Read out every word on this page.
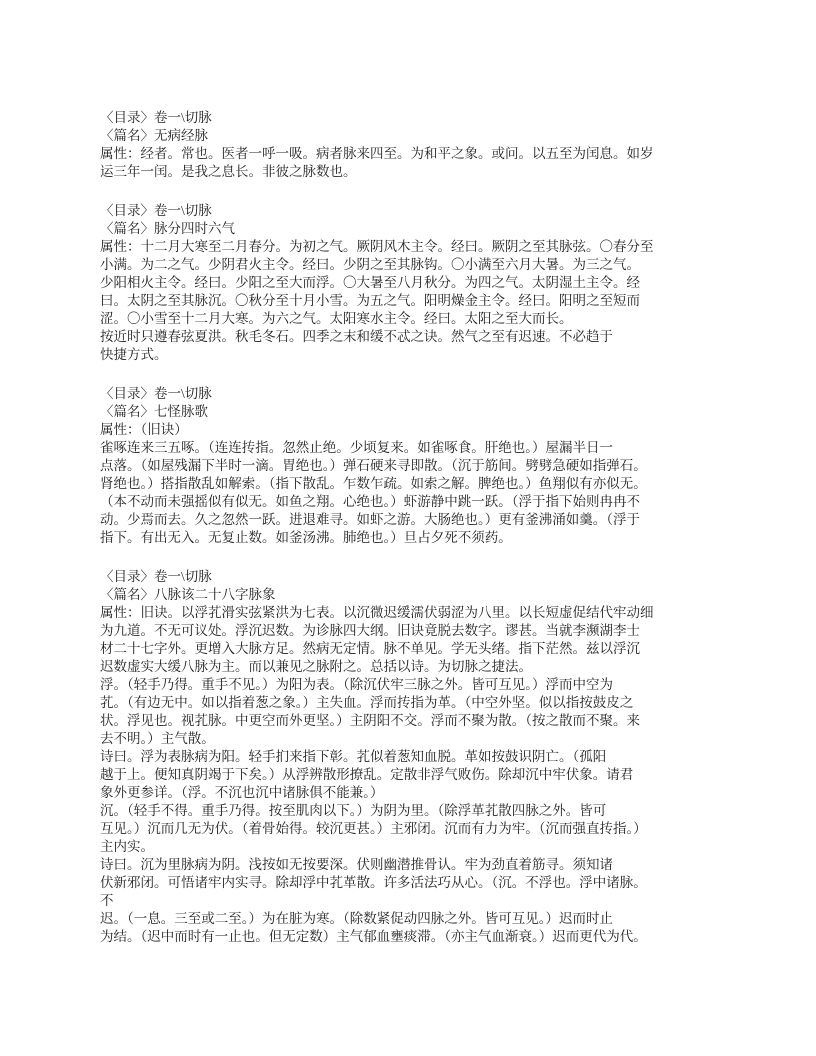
〈目录〉卷一\切脉
〈篇名〉无病经脉
属性：经者。常也。医者一呼一吸。病者脉来四至。为和平之象。或问。以五至为闰息。如岁
运三年一闰。是我之息长。非彼之脉数也。
〈目录〉卷一\切脉
〈篇名〉脉分四时六气
属性：十二月大寒至二月春分。为初之气。厥阴风木主令。经曰。厥阴之至其脉弦。〇春分至
小满。为二之气。少阴君火主令。经曰。少阴之至其脉钩。〇小满至六月大暑。为三之气。
少阳相火主令。经曰。少阳之至大而浮。〇大暑至八月秋分。为四之气。太阴湿土主令。经
曰。太阴之至其脉沉。〇秋分至十月小雪。为五之气。阳明燥金主令。经曰。阳明之至短而
涩。〇小雪至十二月大寒。为六之气。太阳寒水主令。经曰。太阳之至大而长。
按近时只遵春弦夏洪。秋毛冬石。四季之末和缓不忒之诀。然气之至有迟速。不必趋于
快捷方式。
〈目录〉卷一\切脉
〈篇名〉七怪脉歌
属性：（旧诀）
雀啄连来三五啄。（连连抟指。忽然止绝。少顷复来。如雀啄食。肝绝也。）屋漏半日一
点落。（如屋残漏下半时一滴。胃绝也。）弹石硬来寻即散。（沉于筋间。劈劈急硬如指弹石。
肾绝也。）搭指散乱如解索。（指下散乱。乍数乍疏。如索之解。脾绝也。）鱼翔似有亦似无。
（本不动而未强摇似有似无。如鱼之翔。心绝也。）虾游静中跳一跃。（浮于指下始则冉冉不
动。少焉而去。久之忽然一跃。进退难寻。如虾之游。大肠绝也。）更有釜沸涌如羹。（浮于
指下。有出无入。无复止数。如釜汤沸。肺绝也。）旦占夕死不须药。
〈目录〉卷一\切脉
〈篇名〉八脉该二十八字脉象
属性：旧诀。以浮芤滑实弦紧洪为七表。以沉微迟缓濡伏弱涩为八里。以长短虚促结代牢动细
为九道。不无可议处。浮沉迟数。为诊脉四大纲。旧诀竟脱去数字。谬甚。当就李濒湖李士
材二十七字外。更增入大脉方足。然病无定情。脉不单见。学无头绪。指下茫然。兹以浮沉
迟数虚实大缓八脉为主。而以兼见之脉附之。总括以诗。为切脉之捷法。
浮。（轻手乃得。重手不见。）为阳为表。（除沉伏牢三脉之外。皆可互见。）浮而中空为
芤。（有边无中。如以指着葱之象。）主失血。浮而抟指为革。（中空外坚。似以指按鼓皮之
状。浮见也。视芤脉。中更空而外更坚。）主阴阳不交。浮而不聚为散。（按之散而不聚。来
去不明。）主气散。
诗曰。浮为表脉病为阳。轻手扪来指下彰。芤似着葱知血脱。革如按鼓识阴亡。（孤阳
越于上。便知真阴竭于下矣。）从浮辨散形撩乱。定散非浮气败伤。除却沉中牢伏象。请君
象外更参详。（浮。不沉也沉中诸脉俱不能兼。）
沉。（轻手不得。重手乃得。按至肌肉以下。）为阴为里。（除浮革芤散四脉之外。皆可
互见。）沉而几无为伏。（着骨始得。较沉更甚。）主邪闭。沉而有力为牢。（沉而强直抟指。）
主内实。
诗曰。沉为里脉病为阴。浅按如无按要深。伏则幽潜推骨认。牢为劲直着筋寻。须知诸
伏新邪闭。可悟诸牢内实寻。除却浮中芤革散。许多活法巧从心。（沉。不浮也。浮中诸脉。
不
迟。（一息。三至或二至。）为在脏为寒。（除数紧促动四脉之外。皆可互见。）迟而时止
为结。（迟中而时有一止也。但无定数）主气郁血壅痰滞。（亦主气血渐衰。）迟而更代为代。
